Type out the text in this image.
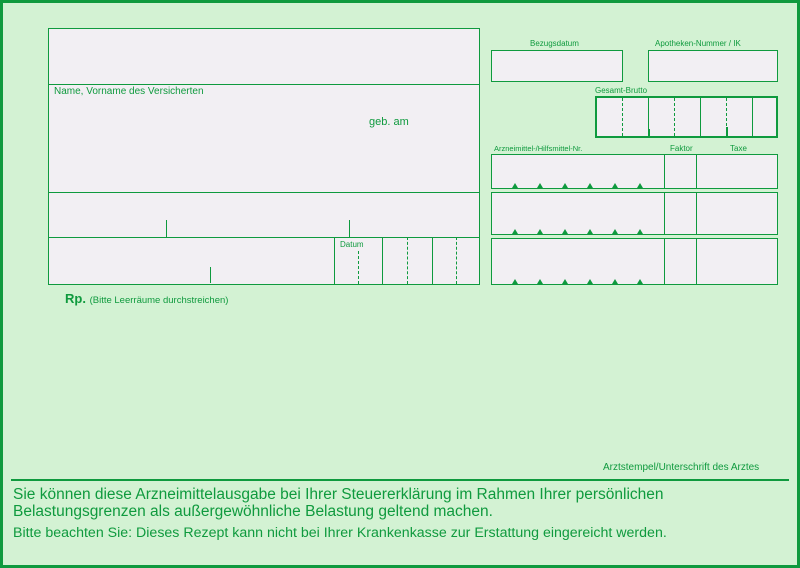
Name, Vorname des Versicherten
geb. am
Datum
Bezugsdatum	Apotheken-Nummer / IK
Gesamt-Brutto
Arzneimittel-/Hilfsmittel-Nr.	Faktor	Taxe
Rp. (Bitte Leerräume durchstreichen)
Arztstempel/Unterschrift des Arztes
Sie können diese Arzneimittelausgabe bei Ihrer Steuererklärung im Rahmen Ihrer persönlichen
Belastungsgrenzen als außergewöhnliche Belastung geltend machen.
Bitte beachten Sie: Dieses Rezept kann nicht bei Ihrer Krankenkasse zur Erstattung eingereicht werden.
